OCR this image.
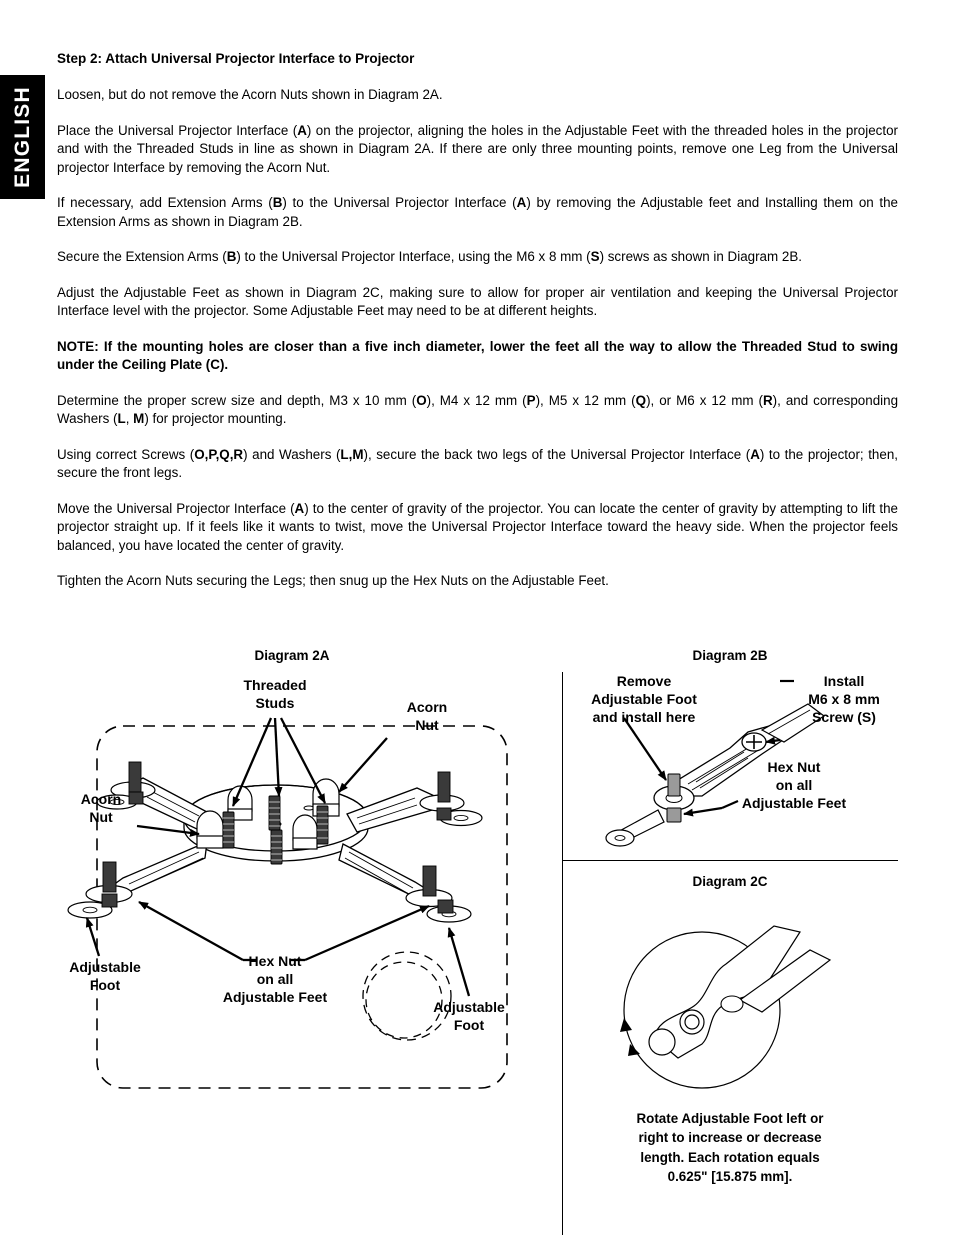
ENGLISH
Step 2: Attach Universal Projector Interface to Projector
Loosen, but do not remove the Acorn Nuts shown in Diagram 2A.
Place the Universal Projector Interface (A) on the projector, aligning the holes in the Adjustable Feet with the threaded holes in the projector and with the Threaded Studs in line as shown in Diagram 2A. If there are only three mounting points, remove one Leg from the Universal projector Interface by removing the Acorn Nut.
If necessary, add Extension Arms (B) to the Universal Projector Interface (A) by removing the Adjustable feet and Installing them on the Extension Arms as shown in Diagram 2B.
Secure the Extension Arms (B) to the Universal Projector Interface, using the M6 x 8 mm (S) screws as shown in Diagram 2B.
Adjust the Adjustable Feet as shown in Diagram 2C, making sure to allow for proper air ventilation and keeping the Universal Projector Interface level with the projector. Some Adjustable Feet may need to be at different heights.
NOTE: If the mounting holes are closer than a five inch diameter, lower the feet all the way to allow the Threaded Stud to swing under the Ceiling Plate (C).
Determine the proper screw size and depth, M3 x 10 mm (O), M4 x 12 mm (P), M5 x 12 mm (Q), or M6 x 12 mm (R), and corresponding Washers (L, M) for projector mounting.
Using correct Screws (O,P,Q,R) and Washers (L,M), secure the back two legs of the Universal Projector Interface (A) to the projector; then, secure the front legs.
Move the Universal Projector Interface (A) to the center of gravity of the projector. You can locate the center of gravity by attempting to lift the projector straight up. If it feels like it wants to twist, move the Universal Projector Interface toward the heavy side. When the projector feels balanced, you have located the center of gravity.
Tighten the Acorn Nuts securing the Legs; then snug up the Hex Nuts on the Adjustable Feet.
Diagram 2A
Threaded
Studs	Acorn
Nut
Acorn
Nut
Hex Nut
on all
Adjustable Feet
Adjustable
Foot
Adjustable
Foot
Diagram 2B
Remove
Adjustable Foot
and install here
Install
M6 x 8 mm
Screw (S)
Hex Nut
on all
Adjustable Feet
Diagram 2C
Rotate Adjustable Foot left or
right to increase or decrease
length. Each rotation equals
0.625" [15.875 mm].
